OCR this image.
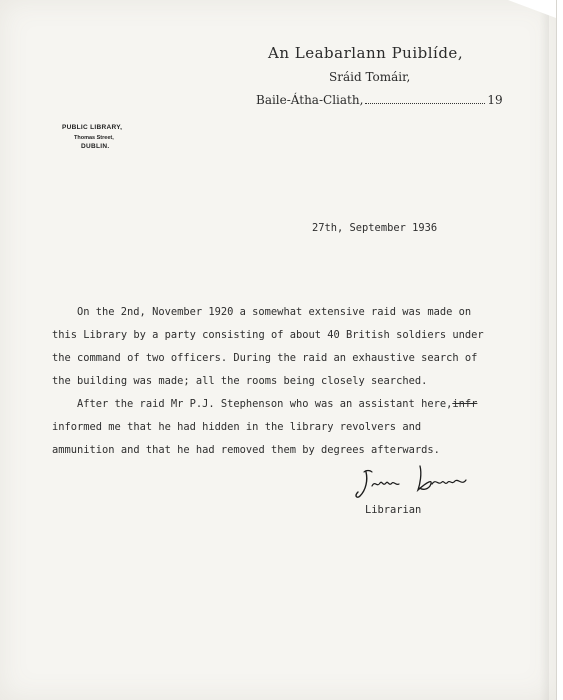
An Leabarlann Puiblíde,
Sráid Tomáir,
Baile-Átha-Cliath,	19
PUBLIC LIBRARY,
Thomas Street,
DUBLIN.
27th, September 1936
On the 2nd, November 1920 a somewhat extensive raid was made on
this Library by a party consisting of about 40 British soldiers under
the command of two officers. During the raid an exhaustive search of
the building was made; all the rooms being closely searched.
After the raid Mr P.J. Stephenson who was an assistant here,infr
informed me that he had hidden in the library revolvers and
ammunition and that he had removed them by degrees afterwards.
Librarian
